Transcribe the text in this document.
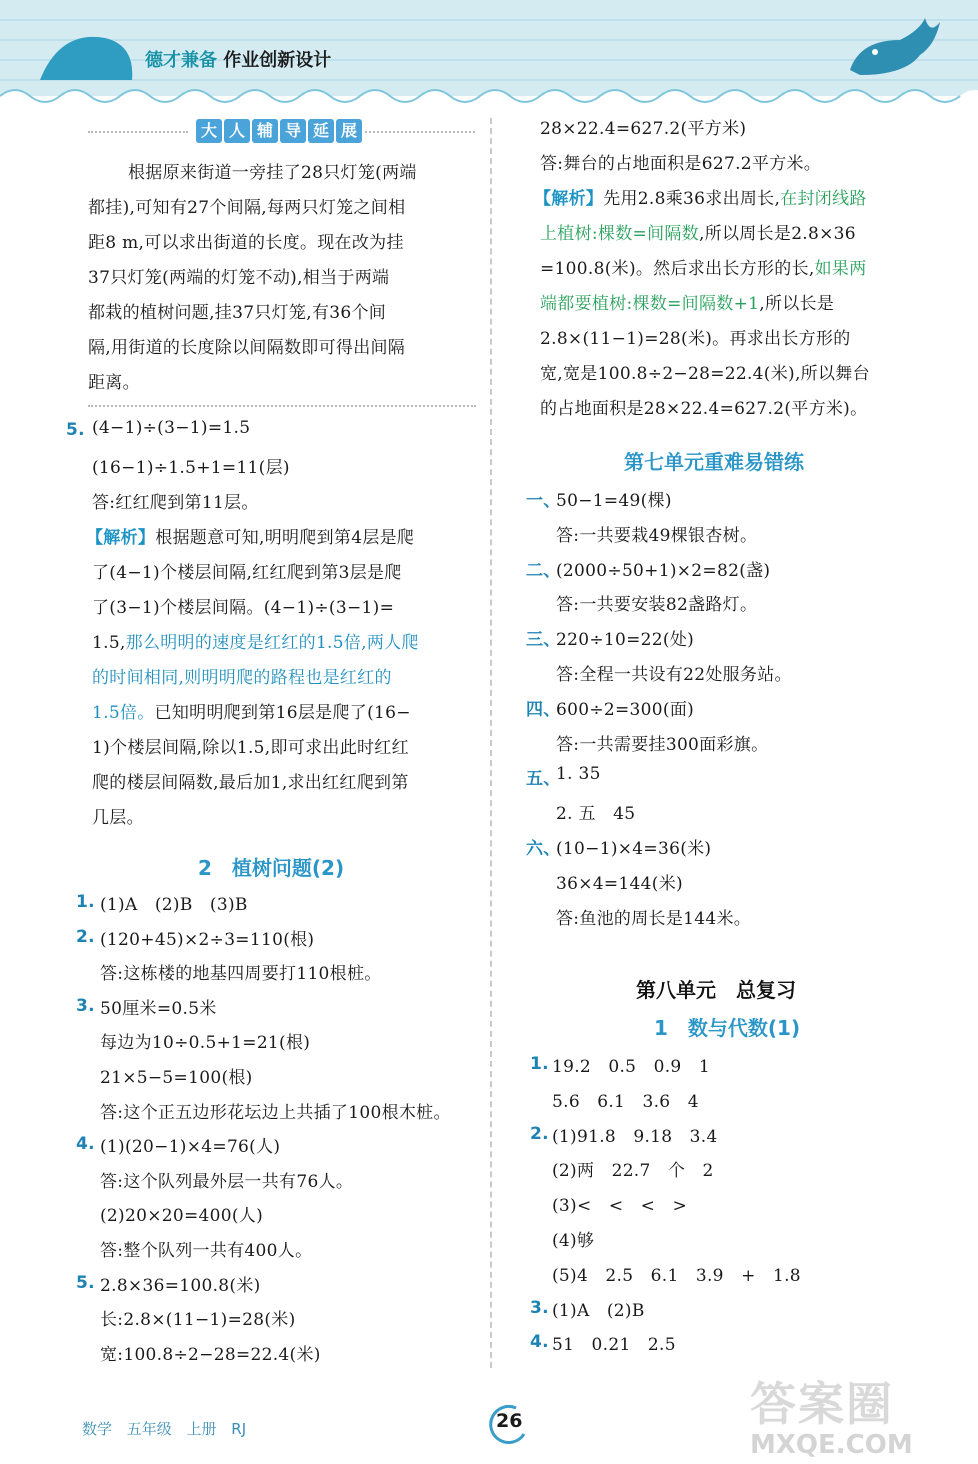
德才兼备 作业创新设计
大 人 辅 导 延 展
根据原来街道一旁挂了28只灯笼(两端
都挂),可知有27个间隔,每两只灯笼之间相
距8 m,可以求出街道的长度。现在改为挂
37只灯笼(两端的灯笼不动),相当于两端
都栽的植树问题,挂37只灯笼,有36个间
隔,用街道的长度除以间隔数即可得出间隔
距离。
5. (4−1)÷(3−1)=1.5
(16−1)÷1.5+1=11(层)
答:红红爬到第11层。
【解析】根据题意可知,明明爬到第4层是爬
了(4−1)个楼层间隔,红红爬到第3层是爬
了(3−1)个楼层间隔。(4−1)÷(3−1)=
1.5,那么明明的速度是红红的1.5倍,两人爬
的时间相同,则明明爬的路程也是红红的
1.5倍。已知明明爬到第16层是爬了(16−
1)个楼层间隔,除以1.5,即可求出此时红红
爬的楼层间隔数,最后加1,求出红红爬到第
几层。
2　植树问题(2)
1. (1)A　(2)B　(3)B
2. (120+45)×2÷3=110(根)
答:这栋楼的地基四周要打110根桩。
3. 50厘米=0.5米
每边为10÷0.5+1=21(根)
21×5−5=100(根)
答:这个正五边形花坛边上共插了100根木桩。
4. (1)(20−1)×4=76(人)
答:这个队列最外层一共有76人。
(2)20×20=400(人)
答:整个队列一共有400人。
5. 2.8×36=100.8(米)
长:2.8×(11−1)=28(米)
宽:100.8÷2−28=22.4(米)
28×22.4=627.2(平方米)
答:舞台的占地面积是627.2平方米。
【解析】先用2.8乘36求出周长,在封闭线路
上植树:棵数=间隔数,所以周长是2.8×36
=100.8(米)。然后求出长方形的长,如果两
端都要植树:棵数=间隔数+1,所以长是
2.8×(11−1)=28(米)。再求出长方形的
宽,宽是100.8÷2−28=22.4(米),所以舞台
的占地面积是28×22.4=627.2(平方米)。
第七单元重难易错练
一、
50−1=49(棵)
答:一共要栽49棵银杏树。
二、
(2000÷50+1)×2=82(盏)
答:一共要安装82盏路灯。
三、
220÷10=22(处)
答:全程一共设有22处服务站。
四、
600÷2=300(面)
答:一共需要挂300面彩旗。
五、
1. 35
2. 五　45
六、
(10−1)×4=36(米)
36×4=144(米)
答:鱼池的周长是144米。
第八单元　总复习
1　数与代数(1)
1. 19.2　0.5　0.9　1
5.6　6.1　3.6　4
2. (1)91.8　9.18　3.4
(2)两　22.7　个　2
(3)<　<　<　>
(4)够
(5)4　2.5　6.1　3.9　+　1.8
3. (1)A　(2)B
4. 51　0.21　2.5
数学 五年级 上册 RJ	26	答案圈
MXQE.COM
